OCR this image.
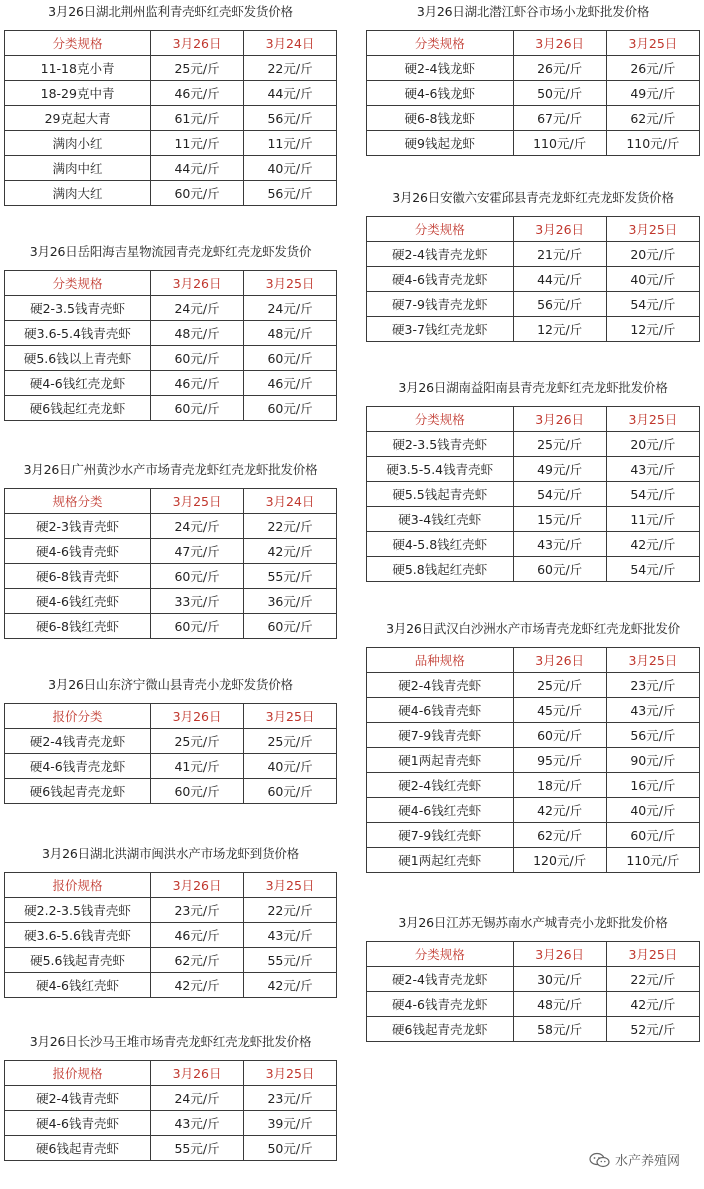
3月26日湖北荆州监利青壳虾红壳虾发货价格
分类规格	3月26日	3月24日
11-18克小青	25元/斤	22元/斤
18-29克中青	46元/斤	44元/斤
29克起大青	61元/斤	56元/斤
满肉小红	11元/斤	11元/斤
满肉中红	44元/斤	40元/斤
满肉大红	60元/斤	56元/斤
3月26日岳阳海吉星物流园青壳龙虾红壳龙虾发货价
分类规格	3月26日	3月25日
硬2-3.5钱青壳虾	24元/斤	24元/斤
硬3.6-5.4钱青壳虾	48元/斤	48元/斤
硬5.6钱以上青壳虾	60元/斤	60元/斤
硬4-6钱红壳龙虾	46元/斤	46元/斤
硬6钱起红壳龙虾	60元/斤	60元/斤
3月26日广州黄沙水产市场青壳龙虾红壳龙虾批发价格
规格分类	3月25日	3月24日
硬2-3钱青壳虾	24元/斤	22元/斤
硬4-6钱青壳虾	47元/斤	42元/斤
硬6-8钱青壳虾	60元/斤	55元/斤
硬4-6钱红壳虾	33元/斤	36元/斤
硬6-8钱红壳虾	60元/斤	60元/斤
3月26日山东济宁微山县青壳小龙虾发货价格
报价分类	3月26日	3月25日
硬2-4钱青壳龙虾	25元/斤	25元/斤
硬4-6钱青壳龙虾	41元/斤	40元/斤
硬6钱起青壳龙虾	60元/斤	60元/斤
3月26日湖北洪湖市闽洪水产市场龙虾到货价格
报价规格	3月26日	3月25日
硬2.2-3.5钱青壳虾	23元/斤	22元/斤
硬3.6-5.6钱青壳虾	46元/斤	43元/斤
硬5.6钱起青壳虾	62元/斤	55元/斤
硬4-6钱红壳虾	42元/斤	42元/斤
3月26日长沙马王堆市场青壳龙虾红壳龙虾批发价格
报价规格	3月26日	3月25日
硬2-4钱青壳虾	24元/斤	23元/斤
硬4-6钱青壳虾	43元/斤	39元/斤
硬6钱起青壳虾	55元/斤	50元/斤
3月26日湖北潜江虾谷市场小龙虾批发价格
分类规格	3月26日	3月25日
硬2-4钱龙虾	26元/斤	26元/斤
硬4-6钱龙虾	50元/斤	49元/斤
硬6-8钱龙虾	67元/斤	62元/斤
硬9钱起龙虾	110元/斤	110元/斤
3月26日安徽六安霍邱县青壳龙虾红壳龙虾发货价格
分类规格	3月26日	3月25日
硬2-4钱青壳龙虾	21元/斤	20元/斤
硬4-6钱青壳龙虾	44元/斤	40元/斤
硬7-9钱青壳龙虾	56元/斤	54元/斤
硬3-7钱红壳龙虾	12元/斤	12元/斤
3月26日湖南益阳南县青壳龙虾红壳龙虾批发价格
分类规格	3月26日	3月25日
硬2-3.5钱青壳虾	25元/斤	20元/斤
硬3.5-5.4钱青壳虾	49元/斤	43元/斤
硬5.5钱起青壳虾	54元/斤	54元/斤
硬3-4钱红壳虾	15元/斤	11元/斤
硬4-5.8钱红壳虾	43元/斤	42元/斤
硬5.8钱起红壳虾	60元/斤	54元/斤
3月26日武汉白沙洲水产市场青壳龙虾红壳龙虾批发价
品种规格	3月26日	3月25日
硬2-4钱青壳虾	25元/斤	23元/斤
硬4-6钱青壳虾	45元/斤	43元/斤
硬7-9钱青壳虾	60元/斤	56元/斤
硬1两起青壳虾	95元/斤	90元/斤
硬2-4钱红壳虾	18元/斤	16元/斤
硬4-6钱红壳虾	42元/斤	40元/斤
硬7-9钱红壳虾	62元/斤	60元/斤
硬1两起红壳虾	120元/斤	110元/斤
3月26日江苏无锡苏南水产城青壳小龙虾批发价格
分类规格	3月26日	3月25日
硬2-4钱青壳龙虾	30元/斤	22元/斤
硬4-6钱青壳龙虾	48元/斤	42元/斤
硬6钱起青壳龙虾	58元/斤	52元/斤
水产养殖网
